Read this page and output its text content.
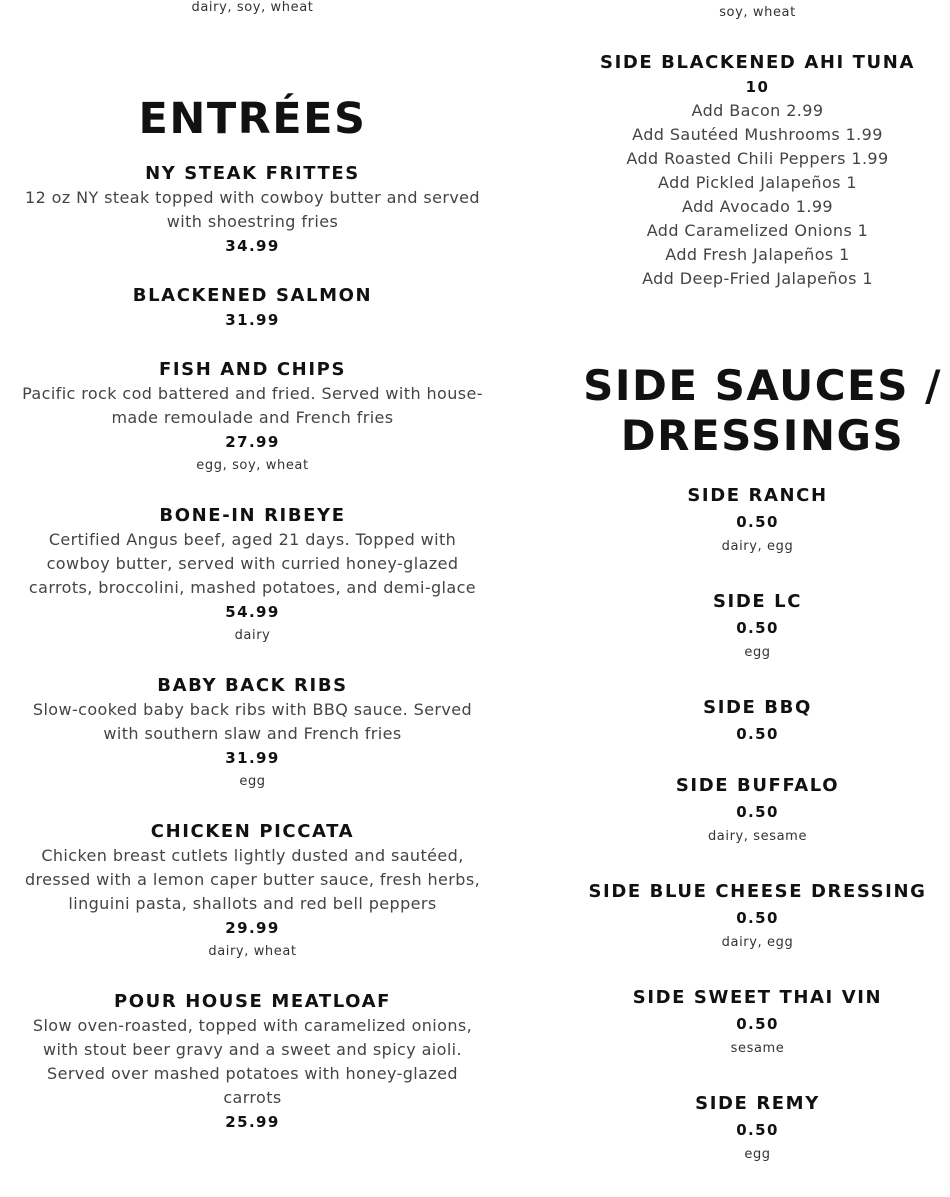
dairy, soy, wheat
ENTRÉES
NY STEAK FRITTES
12 oz NY steak topped with cowboy butter and served with shoestring fries
34.99
BLACKENED SALMON
31.99
FISH AND CHIPS
Pacific rock cod battered and fried. Served with house-made remoulade and French fries
27.99
egg, soy, wheat
BONE-IN RIBEYE
Certified Angus beef, aged 21 days. Topped with cowboy butter, served with curried honey-glazed carrots, broccolini, mashed potatoes, and demi-glace
54.99
dairy
BABY BACK RIBS
Slow-cooked baby back ribs with BBQ sauce. Served with southern slaw and French fries
31.99
egg
CHICKEN PICCATA
Chicken breast cutlets lightly dusted and sautéed, dressed with a lemon caper butter sauce, fresh herbs, linguini pasta, shallots and red bell peppers
29.99
dairy, wheat
POUR HOUSE MEATLOAF
Slow oven-roasted, topped with caramelized onions, with stout beer gravy and a sweet and spicy aioli. Served over mashed potatoes with honey-glazed carrots
25.99
soy, wheat
SIDE BLACKENED AHI TUNA
10
Add Bacon 2.99
Add Sautéed Mushrooms 1.99
Add Roasted Chili Peppers 1.99
Add Pickled Jalapeños 1
Add Avocado 1.99
Add Caramelized Onions 1
Add Fresh Jalapeños 1
Add Deep-Fried Jalapeños 1
SIDE SAUCES /
DRESSINGS
SIDE RANCH
0.50
dairy, egg
SIDE LC
0.50
egg
SIDE BBQ
0.50
SIDE BUFFALO
0.50
dairy, sesame
SIDE BLUE CHEESE DRESSING
0.50
dairy, egg
SIDE SWEET THAI VIN
0.50
sesame
SIDE REMY
0.50
egg
